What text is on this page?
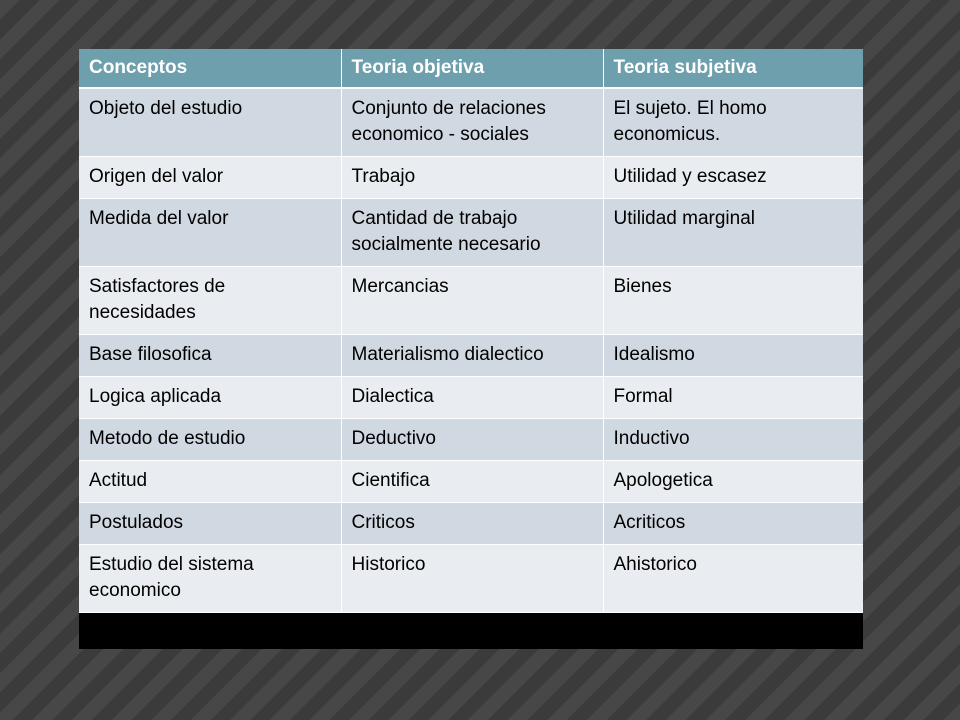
Conceptos	Teoria objetiva	Teoria subjetiva
Objeto del estudio	Conjunto de relaciones economico - sociales	El sujeto. El homo economicus.
Origen del valor	Trabajo	Utilidad y escasez
Medida del valor	Cantidad de trabajo socialmente necesario	Utilidad marginal
Satisfactores de necesidades	Mercancias	Bienes
Base filosofica	Materialismo dialectico	Idealismo
Logica aplicada	Dialectica	Formal
Metodo de estudio	Deductivo	Inductivo
Actitud	Cientifica	Apologetica
Postulados	Criticos	Acriticos
Estudio del sistema economico	Historico	Ahistorico
